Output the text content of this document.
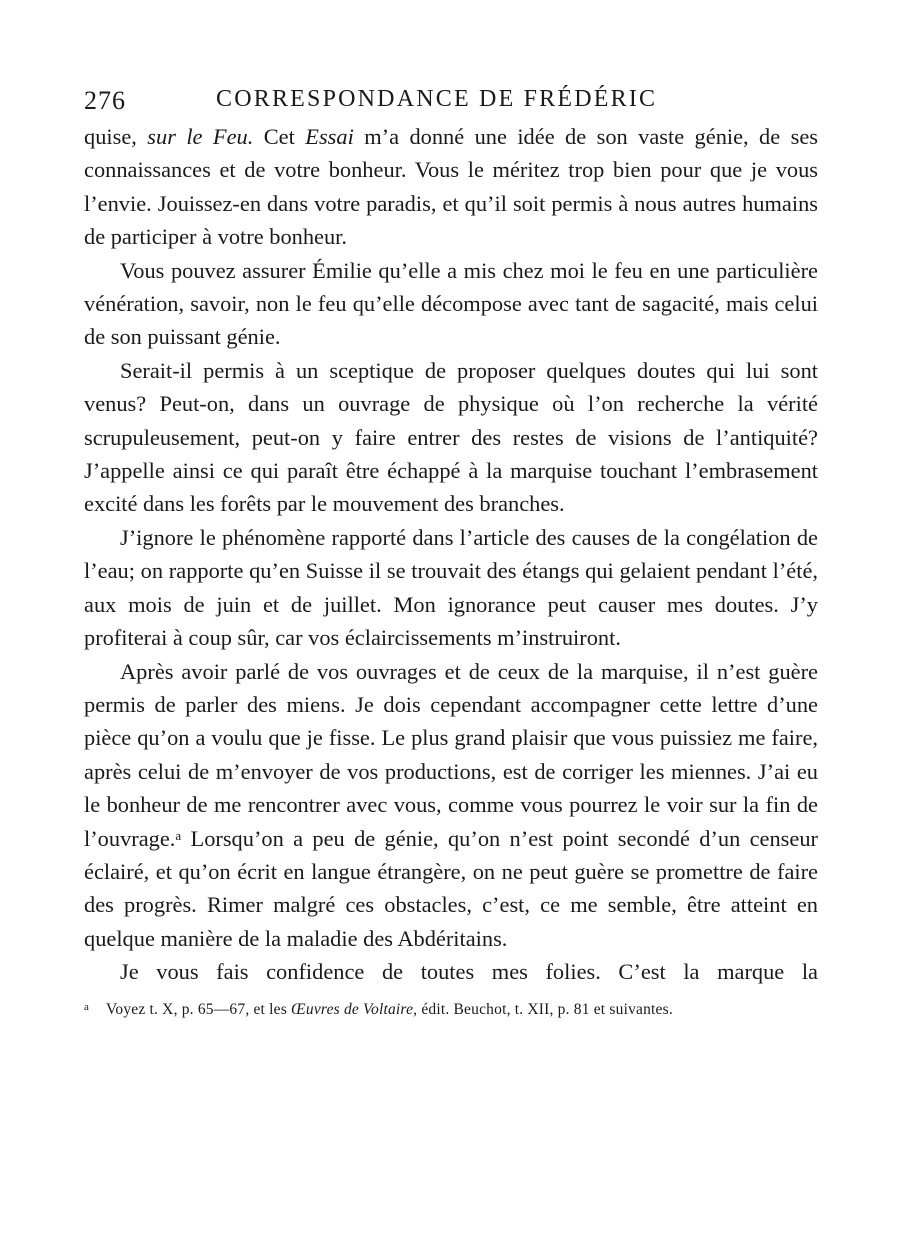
276	CORRESPONDANCE DE FRÉDÉRIC

quise, sur le Feu. Cet Essai m’a donné une idée de son vaste génie, de ses connaissances et de votre bonheur. Vous le méritez trop bien pour que je vous l’envie. Jouissez-en dans votre paradis, et qu’il soit permis à nous autres humains de participer à votre bonheur.

Vous pouvez assurer Émilie qu’elle a mis chez moi le feu en une particulière vénération, savoir, non le feu qu’elle décompose avec tant de sagacité, mais celui de son puissant génie.

Serait-il permis à un sceptique de proposer quelques doutes qui lui sont venus? Peut-on, dans un ouvrage de physique où l’on recherche la vérité scrupuleusement, peut-on y faire entrer des restes de visions de l’antiquité? J’appelle ainsi ce qui paraît être échappé à la marquise touchant l’embrasement excité dans les forêts par le mouvement des branches.

J’ignore le phénomène rapporté dans l’article des causes de la congélation de l’eau; on rapporte qu’en Suisse il se trouvait des étangs qui gelaient pendant l’été, aux mois de juin et de juillet. Mon ignorance peut causer mes doutes. J’y profiterai à coup sûr, car vos éclaircissements m’instruiront.

Après avoir parlé de vos ouvrages et de ceux de la marquise, il n’est guère permis de parler des miens. Je dois cependant accompagner cette lettre d’une pièce qu’on a voulu que je fisse. Le plus grand plaisir que vous puissiez me faire, après celui de m’envoyer de vos productions, est de corriger les miennes. J’ai eu le bonheur de me rencontrer avec vous, comme vous pourrez le voir sur la fin de l’ouvrage.$^a$ Lorsqu’on a peu de génie, qu’on n’est point secondé d’un censeur éclairé, et qu’on écrit en langue étrangère, on ne peut guère se promettre de faire des progrès. Rimer malgré ces obstacles, c’est, ce me semble, être atteint en quelque manière de la maladie des Abdéritains.

Je vous fais confidence de toutes mes folies. C’est la marque la

a Voyez t. X, p. 65—67, et les Œuvres de Voltaire, édit. Beuchot, t. XII, p. 81 et suivantes.
